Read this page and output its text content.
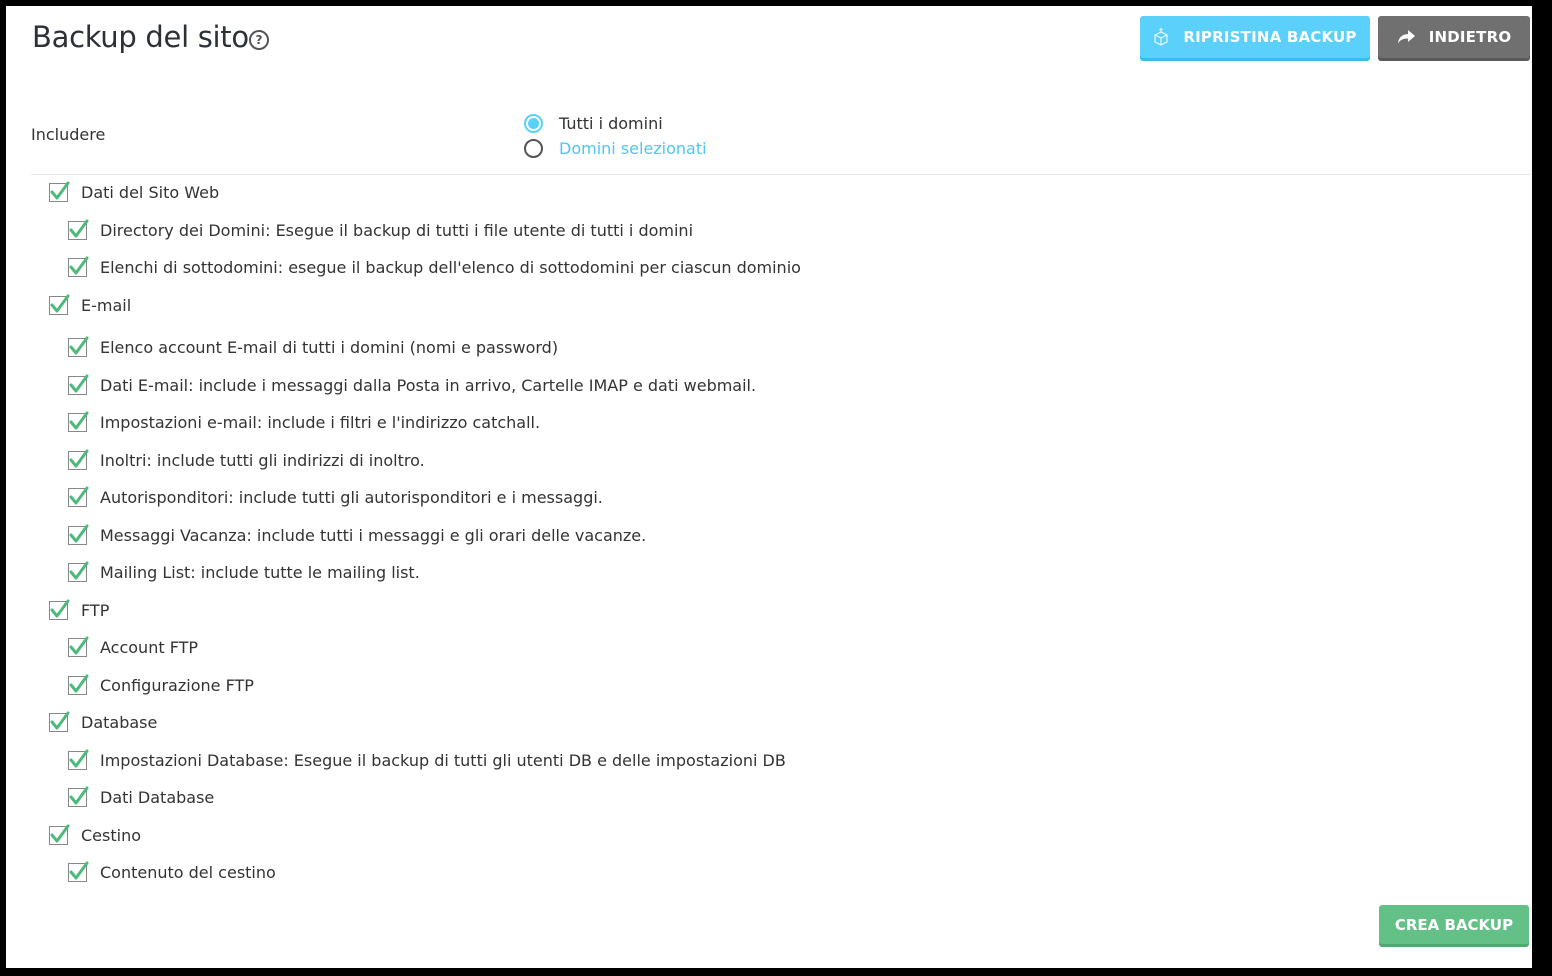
Backup del sito ?	RIPRISTINA BACKUP	INDIETRO
Includere
Tutti i domini
Domini selezionati
Dati del Sito Web
Directory dei Domini: Esegue il backup di tutti i file utente di tutti i domini
Elenchi di sottodomini: esegue il backup dell'elenco di sottodomini per ciascun dominio
E-mail
Elenco account E-mail di tutti i domini (nomi e password)
Dati E-mail: include i messaggi dalla Posta in arrivo, Cartelle IMAP e dati webmail.
Impostazioni e-mail: include i filtri e l'indirizzo catchall.
Inoltri: include tutti gli indirizzi di inoltro.
Autorisponditori: include tutti gli autorisponditori e i messaggi.
Messaggi Vacanza: include tutti i messaggi e gli orari delle vacanze.
Mailing List: include tutte le mailing list.
FTP
Account FTP
Configurazione FTP
Database
Impostazioni Database: Esegue il backup di tutti gli utenti DB e delle impostazioni DB
Dati Database
Cestino
Contenuto del cestino
CREA BACKUP
